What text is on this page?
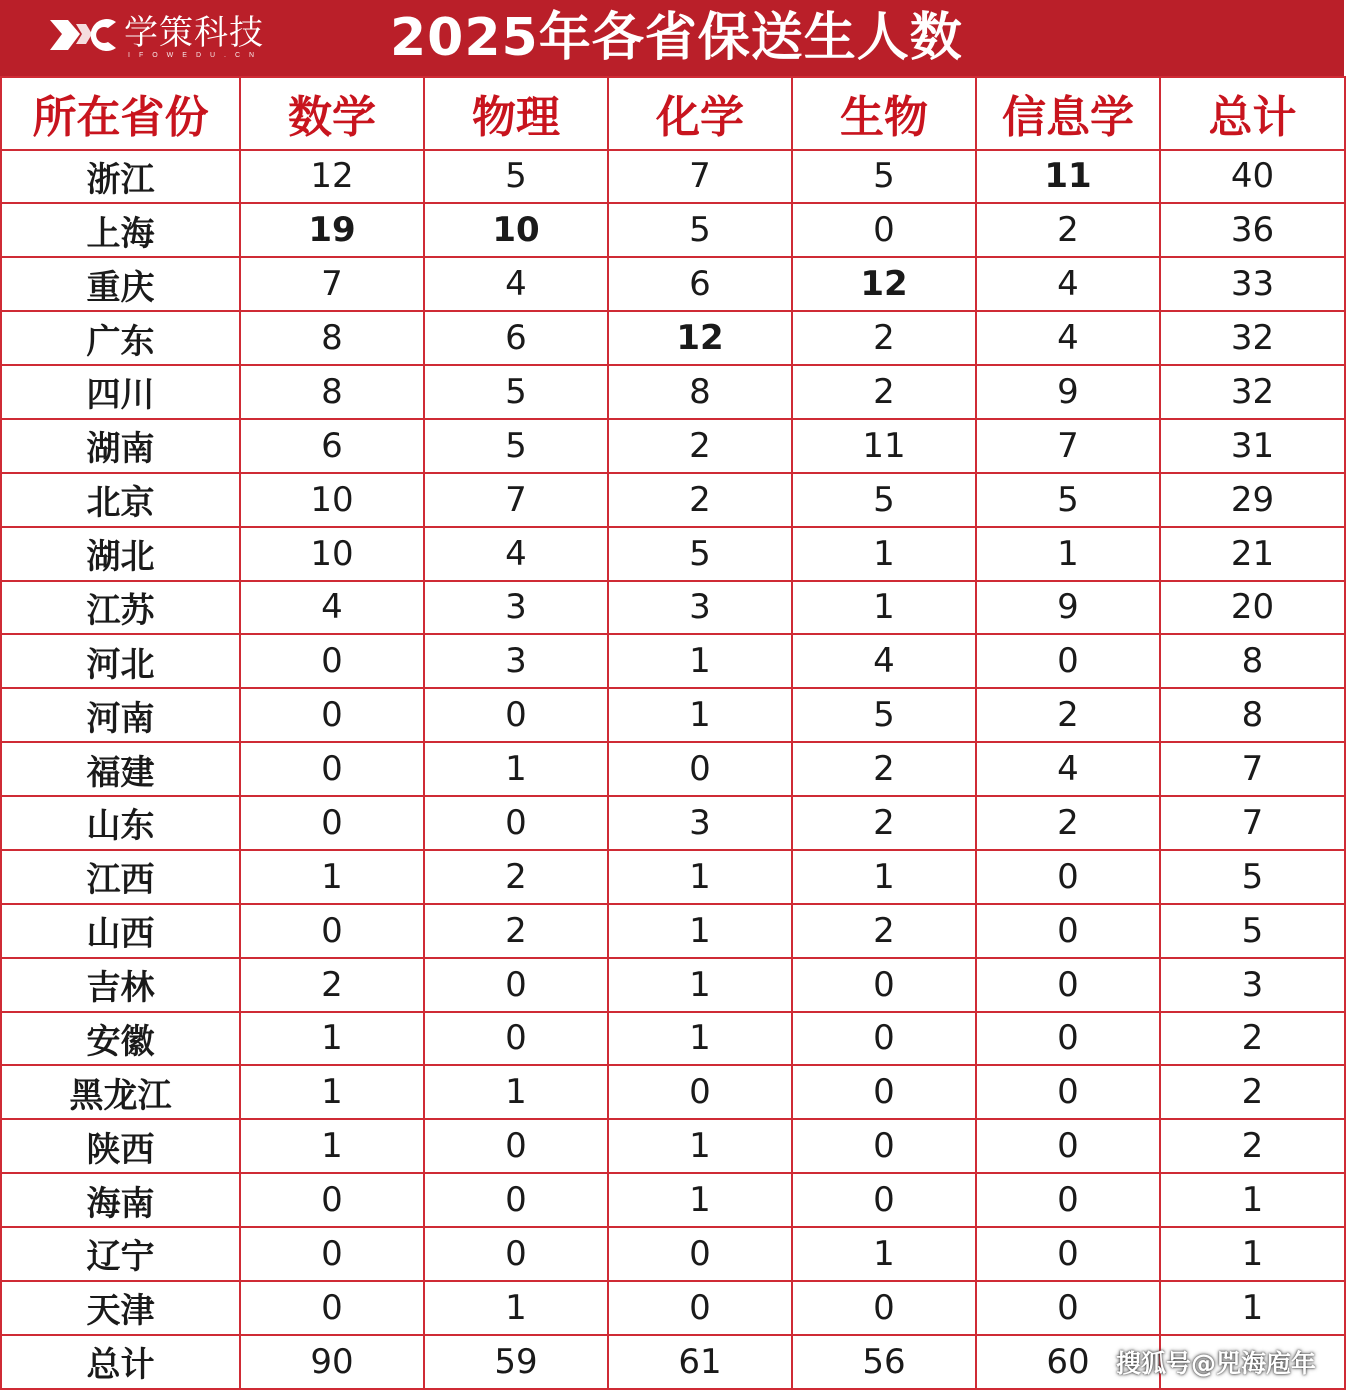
学策科技
IFOWEDU.CN 2025年各省保送生人数
所在省份	数学	物理	化学	生物	信息学	总计
浙江	12	5	7	5	11	40
上海	19	10	5	0	2	36
重庆	7	4	6	12	4	33
广东	8	6	12	2	4	32
四川	8	5	8	2	9	32
湖南	6	5	2	11	7	31
北京	10	7	2	5	5	29
湖北	10	4	5	1	1	21
江苏	4	3	3	1	9	20
河北	0	3	1	4	0	8
河南	0	0	1	5	2	8
福建	0	1	0	2	4	7
山东	0	0	3	2	2	7
江西	1	2	1	1	0	5
山西	0	2	1	2	0	5
吉林	2	0	1	0	0	3
安徽	1	0	1	0	0	2
黑龙江	1	1	0	0	0	2
陕西	1	0	1	0	0	2
海南	0	0	1	0	0	1
辽宁	0	0	0	1	0	1
天津	0	1	0	0	0	1
总计	90	59	61	56	60	搜狐号@兕海庖年
